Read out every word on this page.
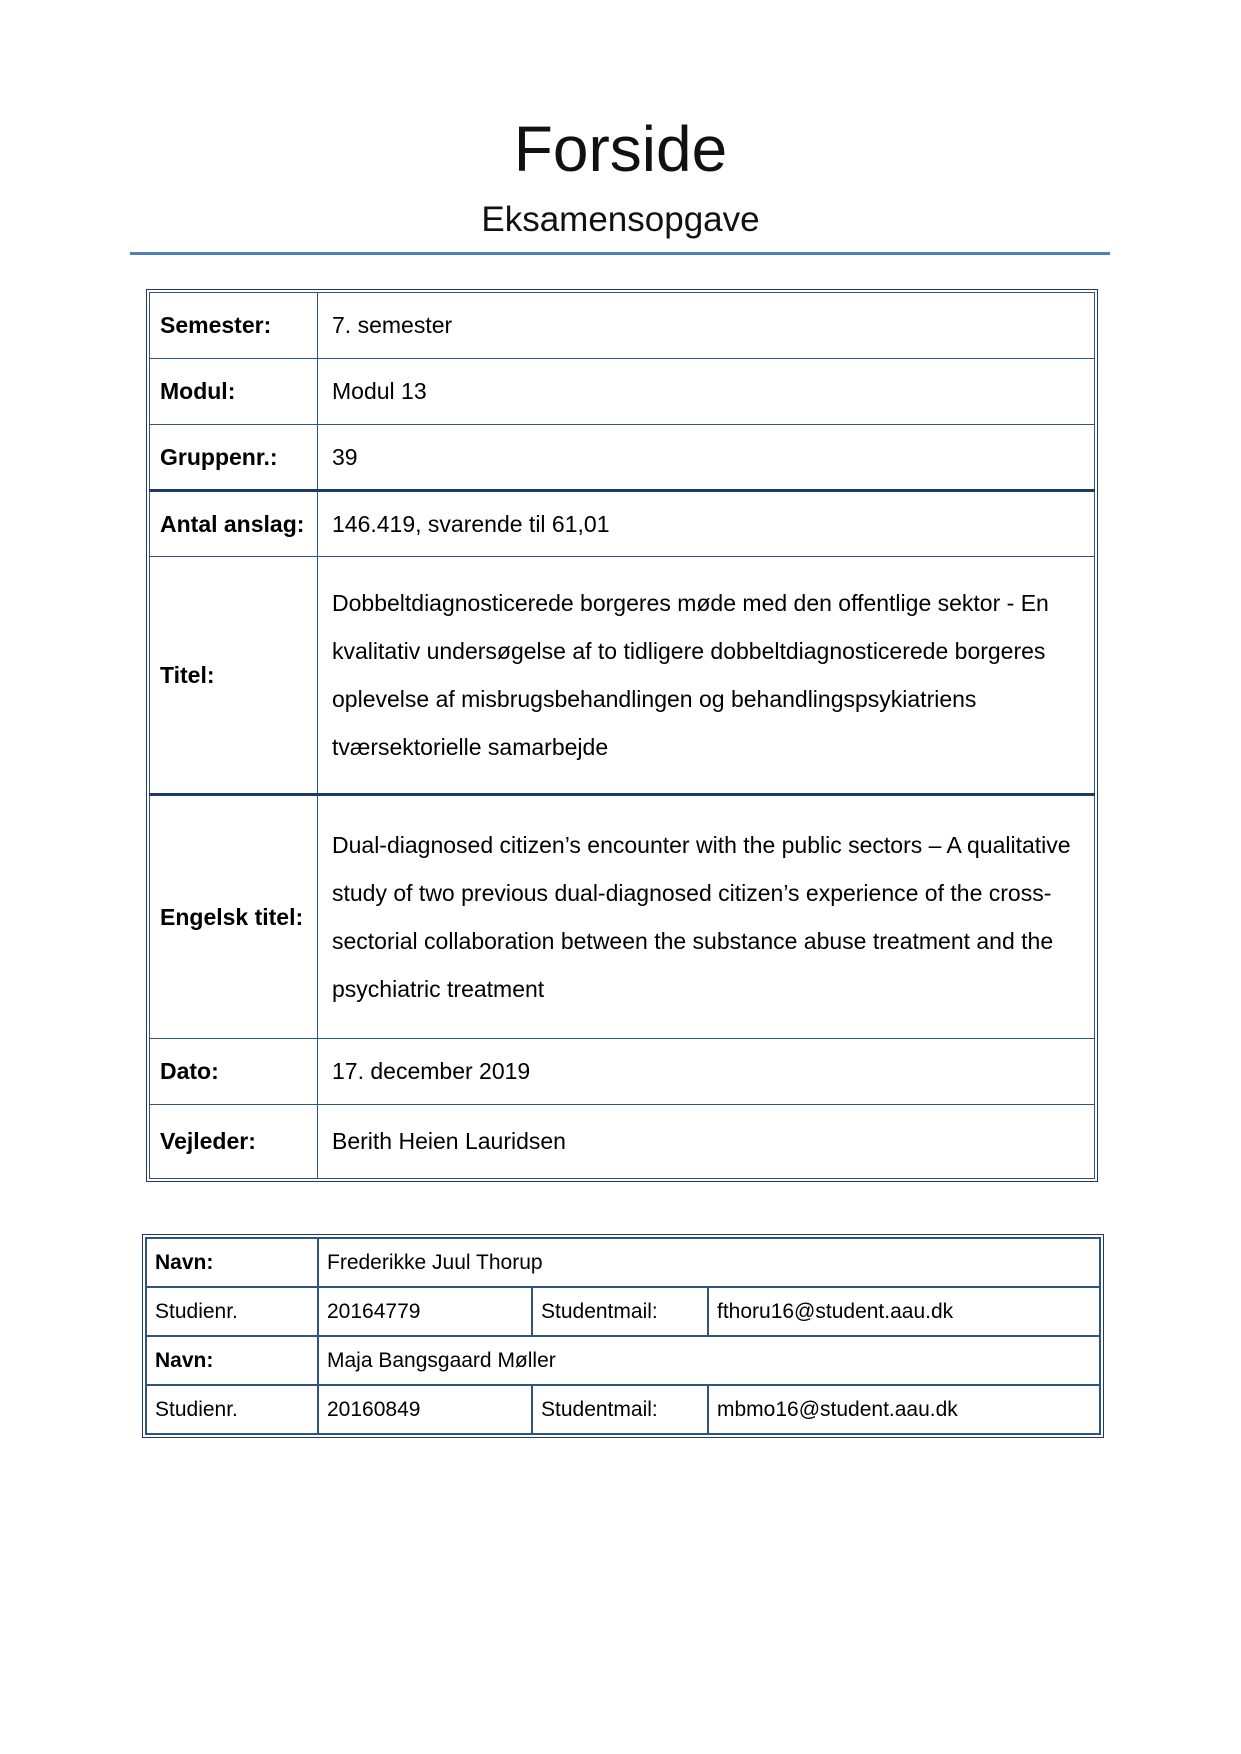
Forside
Eksamensopgave
Semester:	7. semester
Modul:	Modul 13
Gruppenr.:	39
Antal anslag:	146.419, svarende til 61,01
Titel:	Dobbeltdiagnosticerede borgeres møde med den offentlige sektor - En kvalitativ undersøgelse af to tidligere dobbeltdiagnosticerede borgeres oplevelse af misbrugsbehandlingen og behandlingspsykiatriens tværsektorielle samarbejde
Engelsk titel:	Dual-diagnosed citizen’s encounter with the public sectors – A qualitative study of two previous dual-diagnosed citizen’s experience of the cross-sectorial collaboration between the substance abuse treatment and the psychiatric treatment
Dato:	17. december 2019
Vejleder:	Berith Heien Lauridsen
Navn:	Frederikke Juul Thorup		
Studienr.	20164779	Studentmail:	fthoru16@student.aau.dk
Navn:	Maja Bangsgaard Møller		
Studienr.	20160849	Studentmail:	mbmo16@student.aau.dk
